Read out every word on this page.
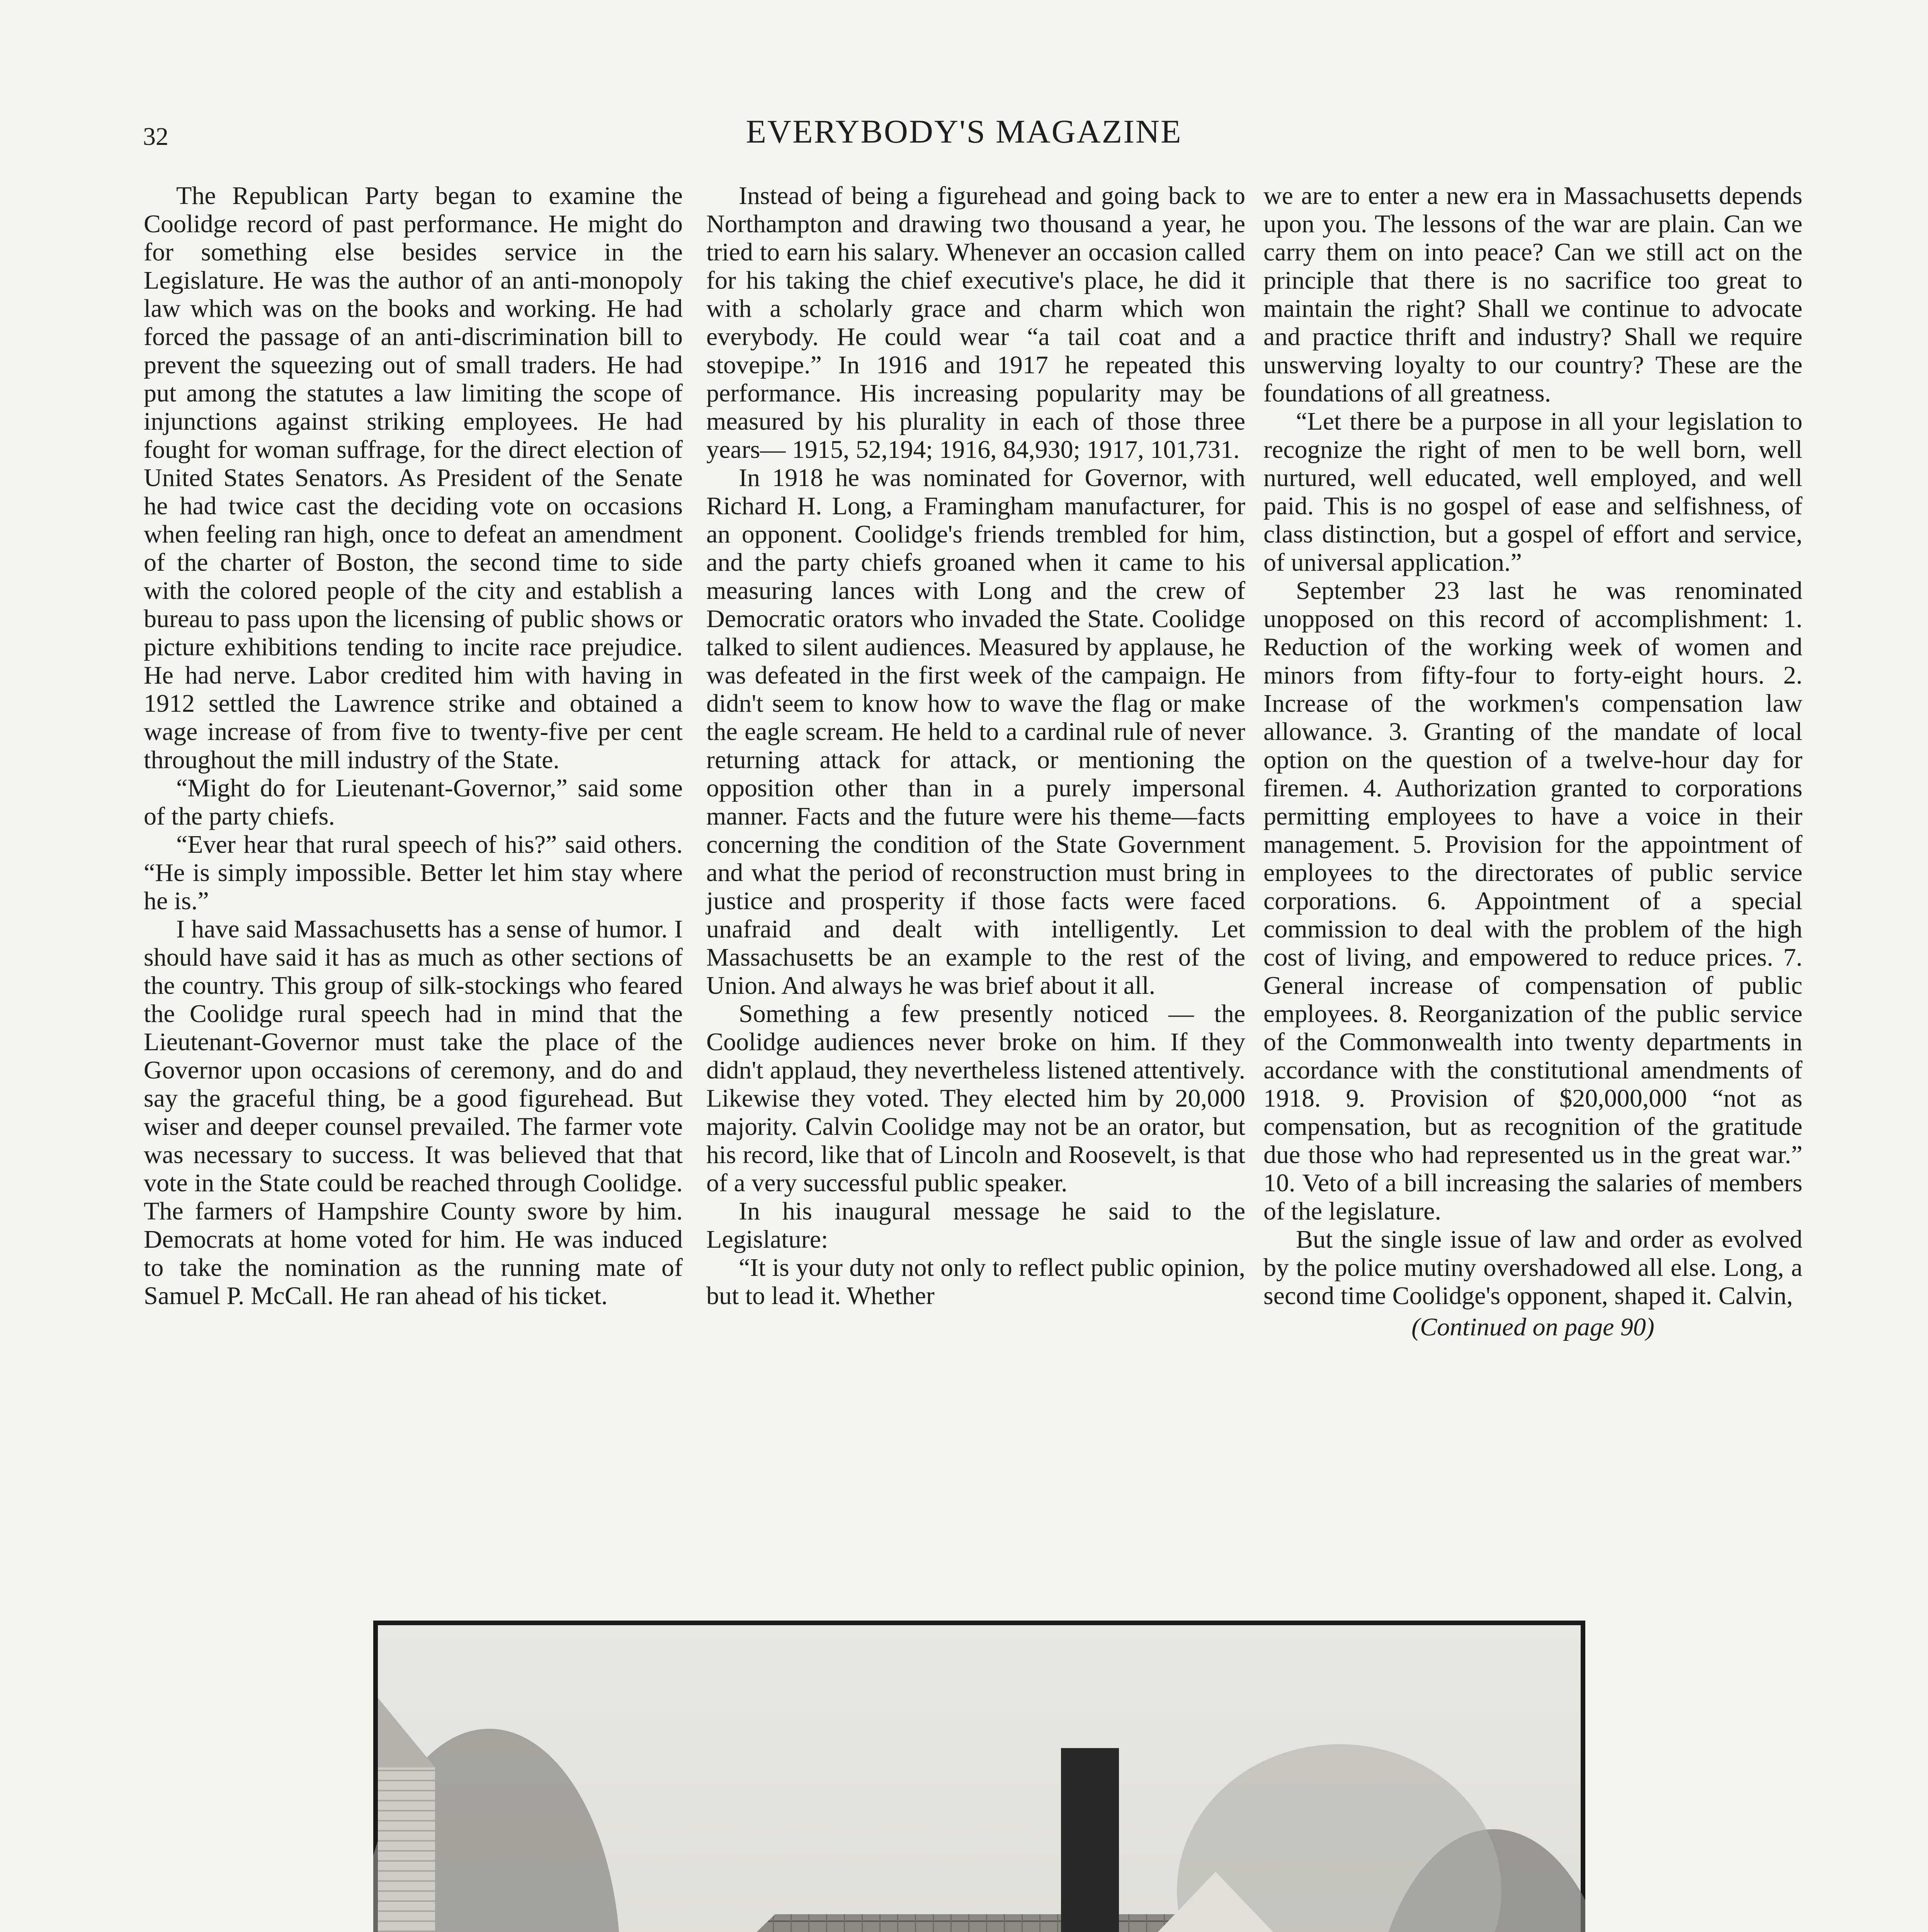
32	EVERYBODY'S MAGAZINE

The Republican Party began to examine the Coolidge record of past performance. He might do for something else besides service in the Legislature. He was the author of an anti-monopoly law which was on the books and working. He had forced the passage of an anti-discrimination bill to prevent the squeezing out of small traders. He had put among the statutes a law limiting the scope of injunctions against striking employees. He had fought for woman suffrage, for the direct election of United States Senators. As President of the Senate he had twice cast the deciding vote on occasions when feeling ran high, once to defeat an amendment of the charter of Boston, the second time to side with the colored people of the city and establish a bureau to pass upon the licensing of public shows or picture exhibitions tending to incite race prejudice. He had nerve. Labor credited him with having in 1912 settled the Lawrence strike and obtained a wage increase of from five to twenty-five per cent throughout the mill industry of the State.

“Might do for Lieutenant-Governor,” said some of the party chiefs.

“Ever hear that rural speech of his?” said others. “He is simply impossible. Better let him stay where he is.”

I have said Massachusetts has a sense of humor. I should have said it has as much as other sections of the country. This group of silk-stockings who feared the Coolidge rural speech had in mind that the Lieutenant-Governor must take the place of the Governor upon occasions of ceremony, and do and say the graceful thing, be a good figurehead. But wiser and deeper counsel prevailed. The farmer vote was necessary to success. It was believed that that vote in the State could be reached through Coolidge. The farmers of Hampshire County swore by him. Democrats at home voted for him. He was induced to take the nomination as the running mate of Samuel P. McCall. He ran ahead of his ticket.

Instead of being a figurehead and going back to Northampton and drawing two thousand a year, he tried to earn his salary. Whenever an occasion called for his taking the chief executive's place, he did it with a scholarly grace and charm which won everybody. He could wear “a tail coat and a stovepipe.” In 1916 and 1917 he repeated this performance. His increasing popularity may be measured by his plurality in each of those three years— 1915, 52,194; 1916, 84,930; 1917, 101,731.

In 1918 he was nominated for Governor, with Richard H. Long, a Framingham manufacturer, for an opponent. Coolidge's friends trembled for him, and the party chiefs groaned when it came to his measuring lances with Long and the crew of Democratic orators who invaded the State. Coolidge talked to silent audiences. Measured by applause, he was defeated in the first week of the campaign. He didn't seem to know how to wave the flag or make the eagle scream. He held to a cardinal rule of never returning attack for attack, or mentioning the opposition other than in a purely impersonal manner. Facts and the future were his theme—facts concerning the condition of the State Government and what the period of reconstruction must bring in justice and prosperity if those facts were faced unafraid and dealt with intelligently. Let Massachusetts be an example to the rest of the Union. And always he was brief about it all.

Something a few presently noticed — the Coolidge audiences never broke on him. If they didn't applaud, they nevertheless listened attentively. Likewise they voted. They elected him by 20,000 majority. Calvin Coolidge may not be an orator, but his record, like that of Lincoln and Roosevelt, is that of a very successful public speaker.

In his inaugural message he said to the Legislature:

“It is your duty not only to reflect public opinion, but to lead it. Whether

we are to enter a new era in Massachusetts depends upon you. The lessons of the war are plain. Can we carry them on into peace? Can we still act on the principle that there is no sacrifice too great to maintain the right? Shall we continue to advocate and practice thrift and industry? Shall we require unswerving loyalty to our country? These are the foundations of all greatness.

“Let there be a purpose in all your legislation to recognize the right of men to be well born, well nurtured, well educated, well employed, and well paid. This is no gospel of ease and selfishness, of class distinction, but a gospel of effort and service, of universal application.”

September 23 last he was renominated unopposed on this record of accomplishment: 1. Reduction of the working week of women and minors from fifty-four to forty-eight hours. 2. Increase of the workmen's compensation law allowance. 3. Granting of the mandate of local option on the question of a twelve-hour day for firemen. 4. Authorization granted to corporations permitting employees to have a voice in their management. 5. Provision for the appointment of employees to the directorates of public service corporations. 6. Appointment of a special commission to deal with the problem of the high cost of living, and empowered to reduce prices. 7. General increase of compensation of public employees. 8. Reorganization of the public service of the Commonwealth into twenty departments in accordance with the constitutional amendments of 1918. 9. Provision of $20,000,000 “not as compensation, but as recognition of the gratitude due those who had represented us in the great war.” 10. Veto of a bill increasing the salaries of members of the legislature.

But the single issue of law and order as evolved by the police mutiny overshadowed all else. Long, a second time Coolidge's opponent, shaped it. Calvin,

(Continued on page 90)
